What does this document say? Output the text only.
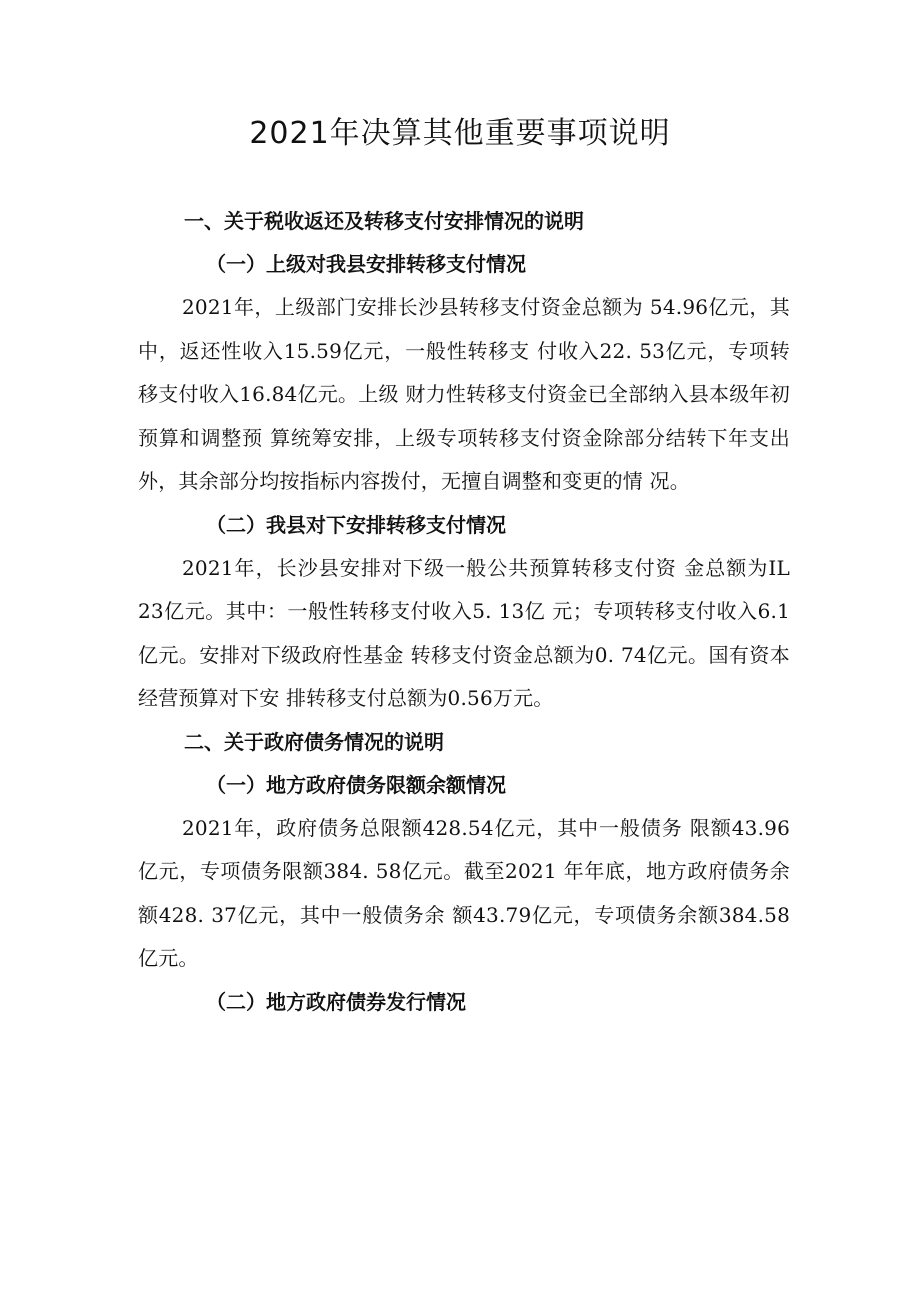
2021年决算其他重要事项说明
一、关于税收返还及转移支付安排情况的说明
（一）上级对我县安排转移支付情况

2021年，上级部门安排长沙县转移支付资金总额为 54.96亿元，其中，返还性收入15.59亿元，一般性转移支 付收入22. 53亿元，专项转移支付收入16.84亿元。上级 财力性转移支付资金已全部纳入县本级年初预算和调整预 算统筹安排，上级专项转移支付资金除部分结转下年支出 外，其余部分均按指标内容拨付，无擅自调整和变更的情 况。

（二）我县对下安排转移支付情况

2021年，长沙县安排对下级一般公共预算转移支付资 金总额为IL 23亿元。其中：一般性转移支付收入5. 13亿 元；专项转移支付收入6.1亿元。安排对下级政府性基金 转移支付资金总额为0. 74亿元。国有资本经营预算对下安 排转移支付总额为0.56万元。

二、关于政府债务情况的说明
（一）地方政府债务限额余额情况

2021年，政府债务总限额428.54亿元，其中一般债务 限额43.96亿元，专项债务限额384. 58亿元。截至2021 年年底，地方政府债务余额428. 37亿元，其中一般债务余 额43.79亿元，专项债务余额384.58亿元。

（二）地方政府债券发行情况
